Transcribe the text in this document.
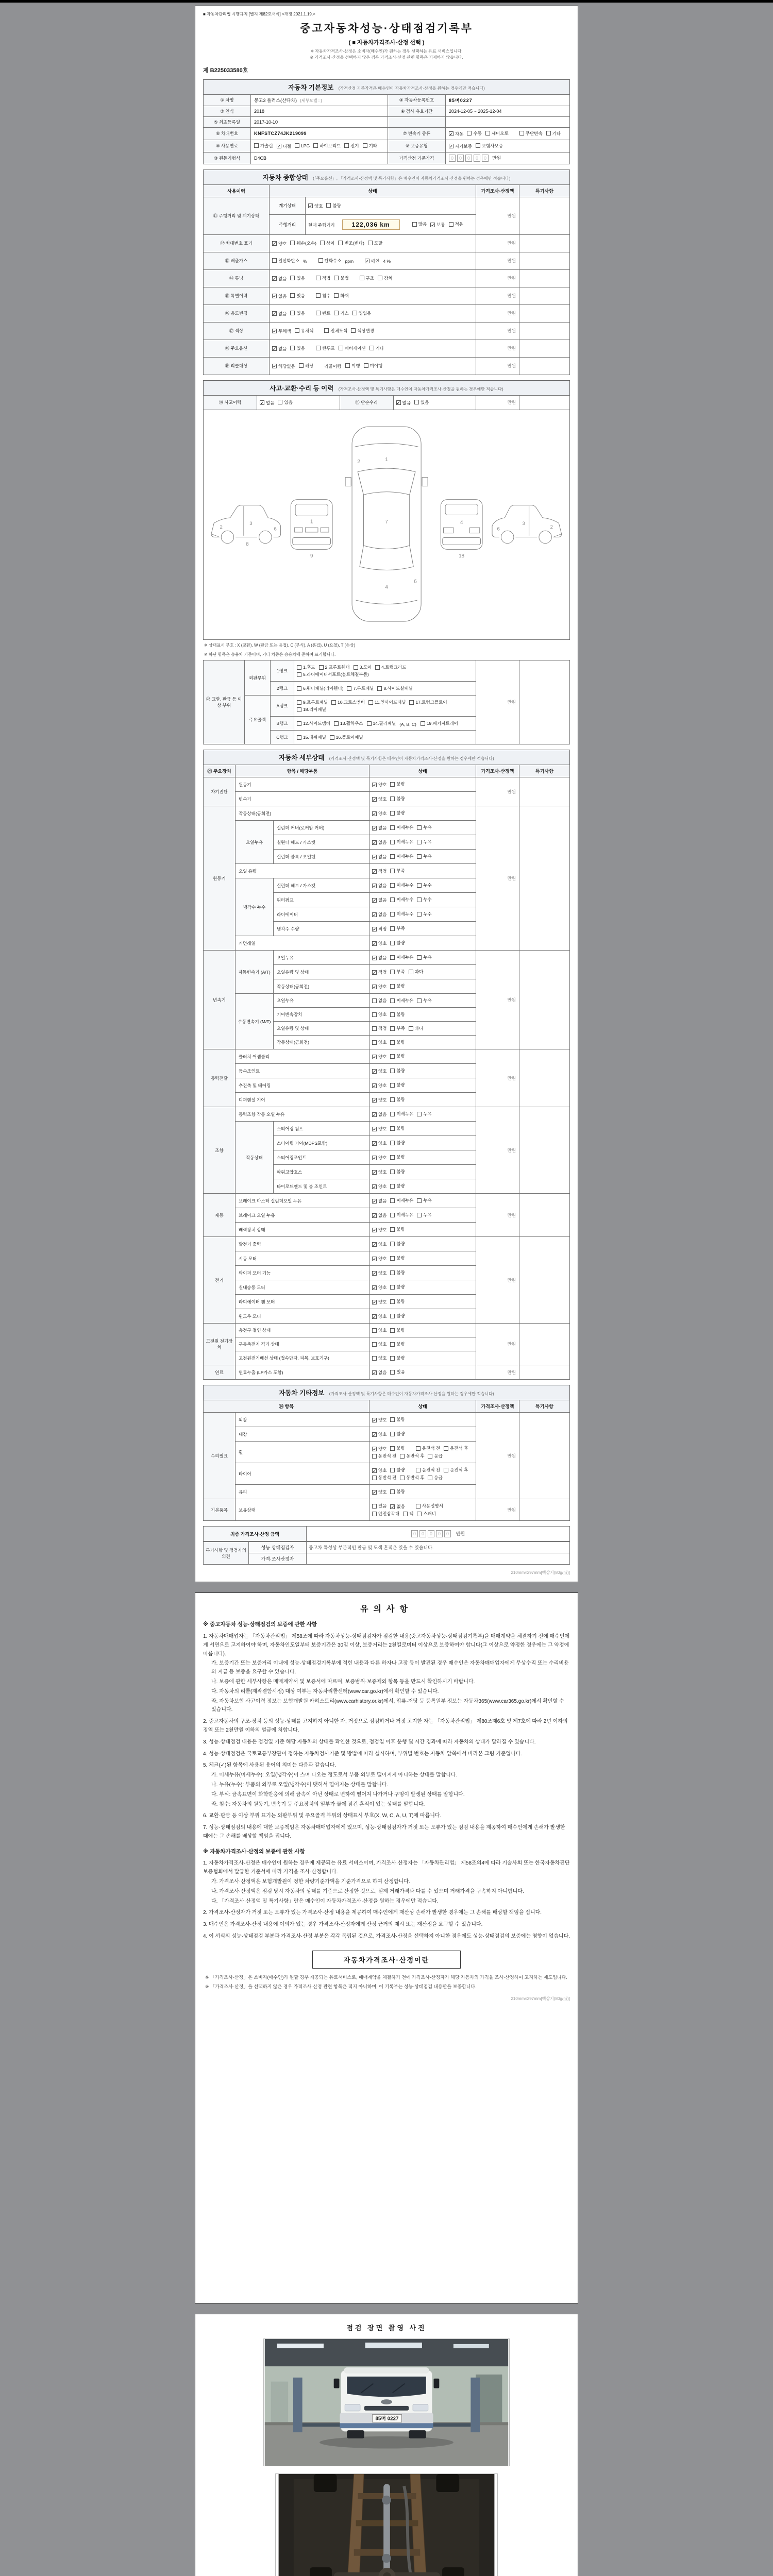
■ 자동차관리법 시행규칙 [별지 제82호서식] <개정 2021.1.19.>
중고자동차성능·상태점검기록부
( ■ 자동차가격조사·산정 선택 )
※ 자동차가격조사·산정은 소비자(매수인)가 원하는 경우 선택하는 유료 서비스입니다.
※ 가격조사·산정을 선택하지 않은 경우 가격조사·산정 관련 항목은 기재하지 않습니다.
제 B225033580호
자동차 기본정보 (가격산정 기준가격은 매수인이 자동차가격조사·산정을 원하는 경우에만 적습니다)
① 차명	봉고3 플러스(산다차) (세부모델 : )	② 자동차등록번호	85머0227
③ 연식	2018	④ 검사 유효기간	2024-12-05 ~ 2025-12-04
⑤ 최초등록일	2017-10-10		
⑥ 차대번호	KNFSTCZ74JK219099	⑦ 변속기 종류	✓ 자동 수동 세미오토	무단변속 기타

⑧ 사용연료	가솔린 ✓ 디젤 LPG 하이브리드 전기 기타	⑨ 보증유형	✓ 자가보증 보험사보증

⑩ 원동기형식	D4CB	가격산정 기준가격	0 0 0 0 0 만원
자동차 종합상태 (「주요옵션」, 「가격조사·산정액 및 특기사항」은 매수인이 자동차가격조사·산정을 원하는 경우에만 적습니다)
사용이력	상태		가격조사·산정액	특기사항
⑪ 주행거리 및 계기상태	계기상태	✓ 양호 불량	만원	
	주행거리	현재 주행거리 122,036 km 많음 ✓ 보통 적음		

⑫ 차대번호 표기	✓ 양호 훼손(오손) 상이 변조(변타) 도말	만원	
⑬ 배출가스	일산화탄소 %	탄화수소 ppm	✓ 매연 4 %	만원	
⑭ 튜닝	✓ 없음 있음	적법 불법	구조 장치	만원	
⑮ 특별이력	✓ 없음 있음 침수 화재		만원	
⑯ 용도변경	✓ 없음 있음	렌트 리스 영업용	만원	
⑰ 색상	✓ 무채색 유채색 전체도색 색상변경		만원	
⑱ 주요옵션	✓ 없음 있음	썬루프 네비게이션 기타	만원	
⑲ 리콜대상	✓ 해당없음 해당 리콜이행 이행 미이행	만원	
사고·교환·수리 등 이력 (가격조사·산정액 및 특기사항은 매수인이 자동차가격조사·산정을 원하는 경우에만 적습니다)
⑳ 사고이력	✓ 없음 있음	㉑ 단순수리	✓ 없음 있음	만원	
2
3
6
8
1
9
1
7
4
2
6
4
18
3
6	2
※ 상태표시 부호 : X (교환), W (판금 또는 용접), C (부식), A (흠집), U (요철), T (손상)
※ 하단 항목은 승용차 기준이며, 기타 차종은 승용차에 준하여 표기합니다.
㉒ 교환, 판금 등 이상 부위	외판부위	1랭크	1.후드 2.프론트휀더 3.도어 4.트렁크리드
5.라디에이터서포트(볼트체결부품)	만원	
		2랭크	6.쿼터패널(리어휀더) 7.루프패널 8.사이드실패널		

	주요골격	A랭크	9.프론트패널 10.크로스멤버 11.인사이드패널 17.트렁크플로어
18.리어패널		

		B랭크	12.사이드멤버 13.휠하우스 14.필러패널 (A, B, C) 19.패키지트레이		

		C랭크	15.대쉬패널 16.플로어패널		
자동차 세부상태 (가격조사·산정액 및 특기사항은 매수인이 자동차가격조사·산정을 원하는 경우에만 적습니다)
㉓ 주요장치	항목 / 해당부품		상태	가격조사·산정액	특기사항
자기진단	원동기		✓ 양호 불량	만원	
	변속기		✓ 양호 불량		

원동기	작동상태(공회전)		✓ 양호 불량	만원	
	오일누유	실린더 커버(로커암 커버)	✓ 없음 미세누유 누유		

		실린더 헤드 / 가스켓	✓ 없음 미세누유 누유		

		실린더 블록 / 오일팬	✓ 없음 미세누유 누유		

	오일 유량		✓ 적정 부족		

	냉각수 누수	실린더 헤드 / 가스켓	✓ 없음 미세누수 누수		

		워터펌프	✓ 없음 미세누수 누수		

		라디에이터	✓ 없음 미세누수 누수		

		냉각수 수량	✓ 적정 부족		

	커먼레일		✓ 양호 불량		

변속기	자동변속기 (A/T)	오일누유	✓ 없음 미세누유 누유	만원	
		오일유량 및 상태	✓ 적정 부족 과다		

		작동상태(공회전)	✓ 양호 불량		

	수동변속기 (M/T)	오일누유	없음 미세누유 누유		

		기어변속장치	양호 불량		

		오일유량 및 상태	적정 부족 과다		

		작동상태(공회전)	양호 불량		

동력전달	클러치 어셈블리		✓ 양호 불량	만원	
	등속조인트		✓ 양호 불량		

	추진축 및 베어링		✓ 양호 불량		

	디퍼렌셜 기어		✓ 양호 불량		

조향	동력조향 작동 오일 누유		✓ 없음 미세누유 누유	만원	
	작동상태	스티어링 펌프	✓ 양호 불량		

		스티어링 기어(MDPS포함)	✓ 양호 불량		

		스티어링조인트	✓ 양호 불량		

		파워고압호스	✓ 양호 불량		

		타이로드엔드 및 볼 조인트	✓ 양호 불량		

제동	브레이크 마스터 실린더오일 누유		✓ 없음 미세누유 누유	만원	
	브레이크 오일 누유		✓ 없음 미세누유 누유		

	배력장치 상태		✓ 양호 불량		

전기	발전기 출력		✓ 양호 불량	만원	
	시동 모터		✓ 양호 불량		

	와이퍼 모터 기능		✓ 양호 불량		

	실내송풍 모터		✓ 양호 불량		

	라디에이터 팬 모터		✓ 양호 불량		

	윈도우 모터		✓ 양호 불량		

고전원 전기장치	충전구 절연 상태		양호 불량	만원	
	구동축전지 격리 상태		양호 불량		

	고전원전기배선 상태 (접속단자, 피복, 보호기구)		양호 불량		

연료	연료누출 (LP가스 포함)		✓ 없음 있음	만원	
자동차 기타정보 (가격조사·산정액 및 특기사항은 매수인이 자동차가격조사·산정을 원하는 경우에만 적습니다)
㉔ 항목		상태	가격조사·산정액	특기사항
수리필요	외장	✓ 양호 불량	만원	
	내장	✓ 양호 불량		

휠	
✓ 양호 불량	운전석 전 운전석 후
동반석 전 동반석 후 응급

타이어	
✓ 양호 불량	운전석 전 운전석 후
동반석 전 동반석 후 응급

	유리	✓ 양호 불량		

기본품목	보유상태	
있음 ✓ 없음	사용설명서
안전삼각대 잭 스패너
	만원	
최종 가격조사·산정 금액	0 0 0 0 0 만원
특기사항 및 점검자의 의견	성능·상태점검자	중고차 특성상 부분적인 판금 및 도색 흔적은 있을 수 있습니다.
	가격·조사산정자	
210mm×297mm[백상지(80g/㎡)]
유의사항
※ 중고자동차 성능·상태점검의 보증에 관한 사항
1. 자동차매매업자는 「자동차관리법」 제58조에 따라 자동차성능·상태점검자가 점검한 내용(중고자동차성능·상태점검기록부)을 매매계약을 체결하기 전에 매수인에게 서면으로 고지하여야 하며, 자동차인도일부터 보증기간은 30일 이상, 보증거리는 2천킬로미터 이상으로 보증하여야 합니다(그 이상으로 약정한 경우에는 그 약정에 따릅니다).
가. 보증기간 또는 보증거리 이내에 성능·상태점검기록부에 적힌 내용과 다른 하자나 고장 등이 발견된 경우 매수인은 자동차매매업자에게 무상수리 또는 수리비용의 지급 등 보증을 요구할 수 있습니다.
나. 보증에 관한 세부사항은 매매계약서 및 보증서에 따르며, 보증범위·보증제외 항목 등을 반드시 확인하시기 바랍니다.
다. 자동차의 리콜(제작결함시정) 대상 여부는 자동차리콜센터(www.car.go.kr)에서 확인할 수 있습니다.
라. 자동차보험 사고이력 정보는 보험개발원 카히스토리(www.carhistory.or.kr)에서, 압류·저당 등 등록원부 정보는 자동차365(www.car365.go.kr)에서 확인할 수 있습니다.
2. 중고자동차의 구조·장치 등의 성능·상태를 고지하지 아니한 자, 거짓으로 점검하거나 거짓 고지한 자는 「자동차관리법」 제80조제6호 및 제7호에 따라 2년 이하의 징역 또는 2천만원 이하의 벌금에 처합니다.
3. 성능·상태점검 내용은 점검일 기준 해당 자동차의 상태를 확인한 것으로, 점검일 이후 운행 및 시간 경과에 따라 자동차의 상태가 달라질 수 있습니다.
4. 성능·상태점검은 국토교통부장관이 정하는 자동차검사기준 및 방법에 따라 실시하며, 부위별 번호는 자동차 앞쪽에서 바라본 그림 기준입니다.
5. 체크(✓)된 항목에 사용된 용어의 의미는 다음과 같습니다.
가. 미세누유(미세누수): 오일(냉각수)이 스며 나오는 정도로서 부품 외부로 떨어지지 아니하는 상태를 말합니다.
나. 누유(누수): 부품의 외부로 오일(냉각수)이 맺혀서 떨어지는 상태를 말합니다.
다. 부식: 금속표면이 화학반응에 의해 금속이 아닌 상태로 변하여 떨어져 나가거나 구멍이 발생된 상태를 말합니다.
라. 침수: 자동차의 원동기, 변속기 등 주요장치의 일부가 물에 잠긴 흔적이 있는 상태를 말합니다.
6. 교환·판금 등 이상 부위 표기는 외판부위 및 주요골격 부위의 상태표시 부호(X, W, C, A, U, T)에 따릅니다.
7. 성능·상태점검의 내용에 대한 보증책임은 자동차매매업자에게 있으며, 성능·상태점검자가 거짓 또는 오류가 있는 점검 내용을 제공하여 매수인에게 손해가 발생한 때에는 그 손해를 배상할 책임을 집니다.
※ 자동차가격조사·산정의 보증에 관한 사항
1. 자동차가격조사·산정은 매수인이 원하는 경우에 제공되는 유료 서비스이며, 가격조사·산정자는 「자동차관리법」 제58조의4에 따라 기술사회 또는 한국자동차진단보증협회에서 발급한 기준서에 따라 가격을 조사·산정합니다.
가. 가격조사·산정액은 보험개발원이 정한 차량기준가액을 기준가격으로 하여 산정합니다.
나. 가격조사·산정액은 점검 당시 자동차의 상태를 기준으로 산정한 것으로, 실제 거래가격과 다를 수 있으며 거래가격을 구속하지 아니합니다.
다. 「가격조사·산정액 및 특기사항」란은 매수인이 자동차가격조사·산정을 원하는 경우에만 적습니다.
2. 가격조사·산정자가 거짓 또는 오류가 있는 가격조사·산정 내용을 제공하여 매수인에게 재산상 손해가 발생한 경우에는 그 손해를 배상할 책임을 집니다.
3. 매수인은 가격조사·산정 내용에 이의가 있는 경우 가격조사·산정자에게 산정 근거의 제시 또는 재산정을 요구할 수 있습니다.
4. 이 서식의 성능·상태점검 부분과 가격조사·산정 부분은 각각 독립된 것으로, 가격조사·산정을 선택하지 아니한 경우에도 성능·상태점검의 보증에는 영향이 없습니다.
자동차가격조사·산정이란
※ 「가격조사·산정」은 소비자(매수인)가 원할 경우 제공되는 유료서비스로, 매매계약을 체결하기 전에 가격조사·산정자가 해당 자동차의 가격을 조사·산정하여 고지하는 제도입니다.
※ 「가격조사·산정」을 선택하지 않은 경우 가격조사·산정 관련 항목은 적지 아니하며, 이 기록부는 성능·상태점검 내용만을 보증합니다.
210mm×297mm[백상지(80g/㎡)]
점검 장면 촬영 사진
85머 0227
